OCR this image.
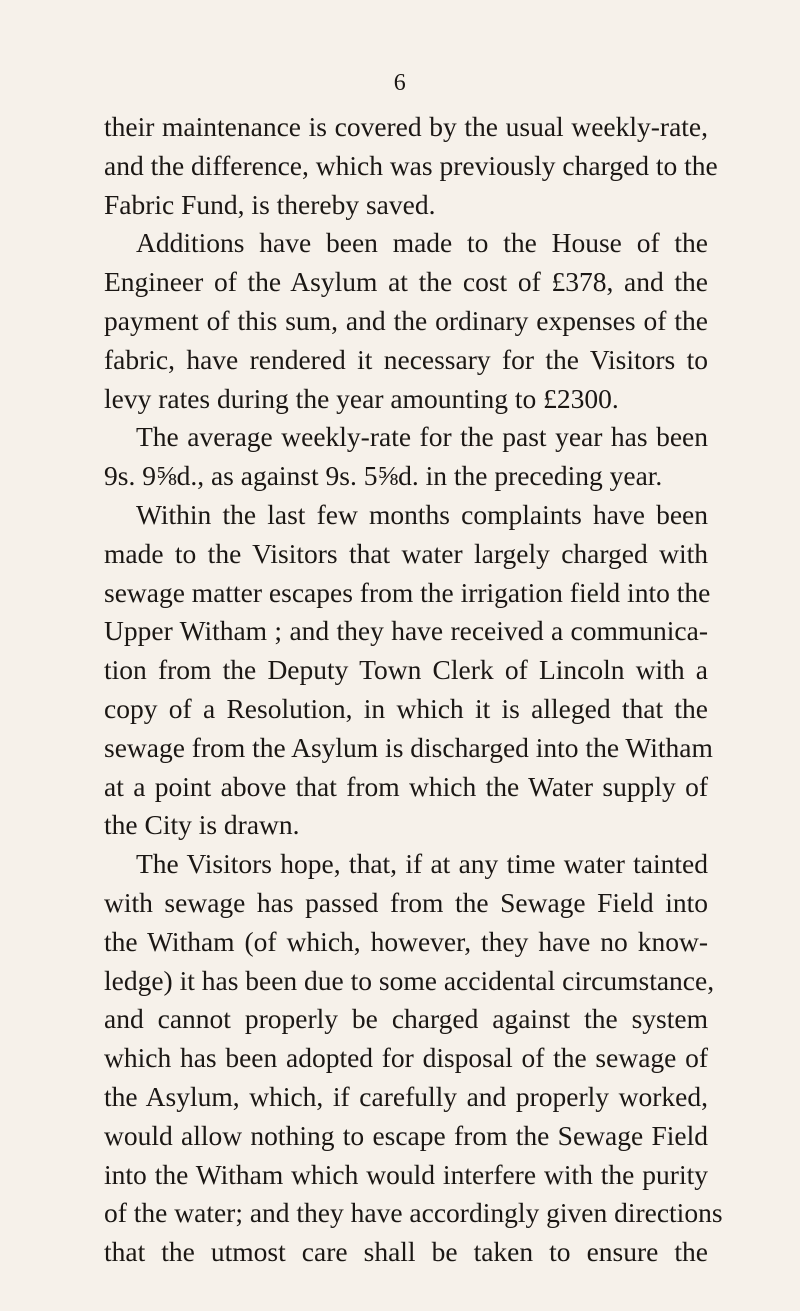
6
their maintenance is covered by the usual weekly-rate,
and the difference, which was previously charged to the
Fabric Fund, is thereby saved.
Additions have been made to the House of the
Engineer of the Asylum at the cost of £378, and the
payment of this sum, and the ordinary expenses of the
fabric, have rendered it necessary for the Visitors to
levy rates during the year amounting to £2300.
The average weekly-rate for the past year has been
9s. 9⅝d., as against 9s. 5⅝d. in the preceding year.
Within the last few months complaints have been
made to the Visitors that water largely charged with
sewage matter escapes from the irrigation field into the
Upper Witham ; and they have received a communica-
tion from the Deputy Town Clerk of Lincoln with a
copy of a Resolution, in which it is alleged that the
sewage from the Asylum is discharged into the Witham
at a point above that from which the Water supply of
the City is drawn.
The Visitors hope, that, if at any time water tainted
with sewage has passed from the Sewage Field into
the Witham (of which, however, they have no know-
ledge) it has been due to some accidental circumstance,
and cannot properly be charged against the system
which has been adopted for disposal of the sewage of
the Asylum, which, if carefully and properly worked,
would allow nothing to escape from the Sewage Field
into the Witham which would interfere with the purity
of the water; and they have accordingly given directions
that the utmost care shall be taken to ensure the
